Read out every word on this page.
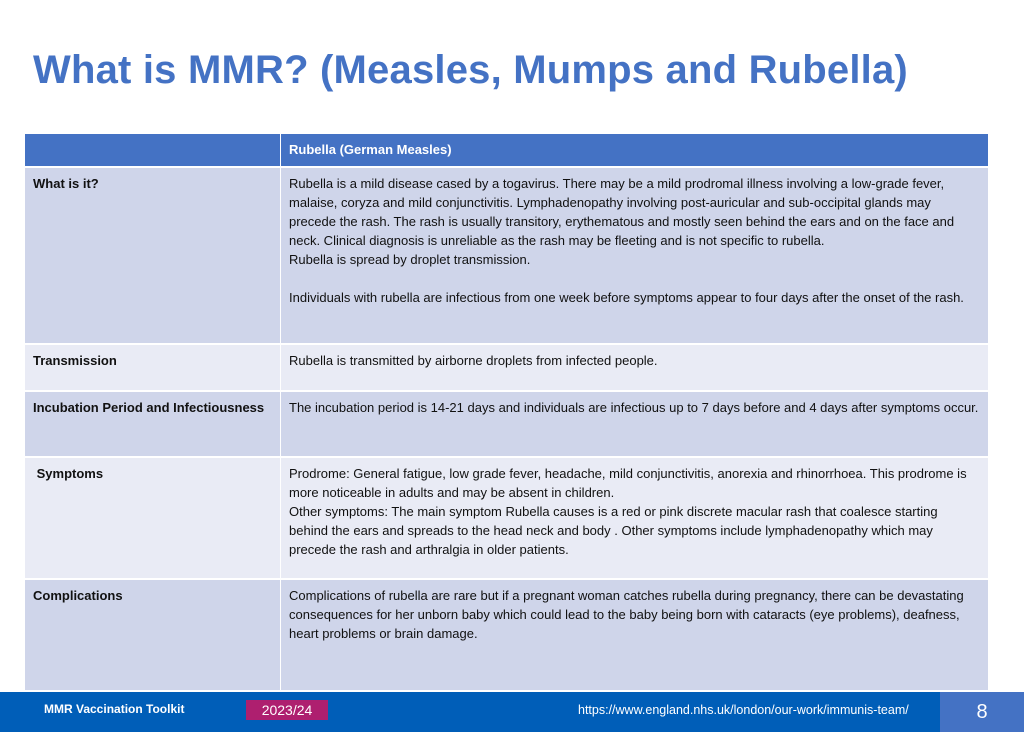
What is MMR? (Measles, Mumps and Rubella)
	Rubella (German Measles)
What is it?	Rubella is a mild disease cased by a togavirus. There may be a mild prodromal illness involving a low-grade fever, malaise, coryza and mild conjunctivitis. Lymphadenopathy involving post-auricular and sub-occipital glands may precede the rash. The rash is usually transitory, erythematous and mostly seen behind the ears and on the face and neck. Clinical diagnosis is unreliable as the rash may be fleeting and is not specific to rubella.
Rubella is spread by droplet transmission.
Individuals with rubella are infectious from one week before symptoms appear to four days after the onset of the rash.

Transmission	Rubella is transmitted by airborne droplets from infected people.

Incubation Period and Infectiousness	The incubation period is 14-21 days and individuals are infectious up to 7 days before and 4 days after symptoms occur.

Symptoms	Prodrome: General fatigue, low grade fever, headache, mild conjunctivitis, anorexia and rhinorrhoea. This prodrome is more noticeable in adults and may be absent in children.
Other symptoms: The main symptom Rubella causes is a red or pink discrete macular rash that coalesce starting behind the ears and spreads to the head neck and body . Other symptoms include lymphadenopathy which may precede the rash and arthralgia in older patients.

Complications	Complications of rubella are rare but if a pregnant woman catches rubella during pregnancy, there can be devastating consequences for her unborn baby which could lead to the baby being born with cataracts (eye problems), deafness, heart problems or brain damage.
MMR Vaccination Toolkit	2023/24	https://www.england.nhs.uk/london/our-work/immunis-team/	8
